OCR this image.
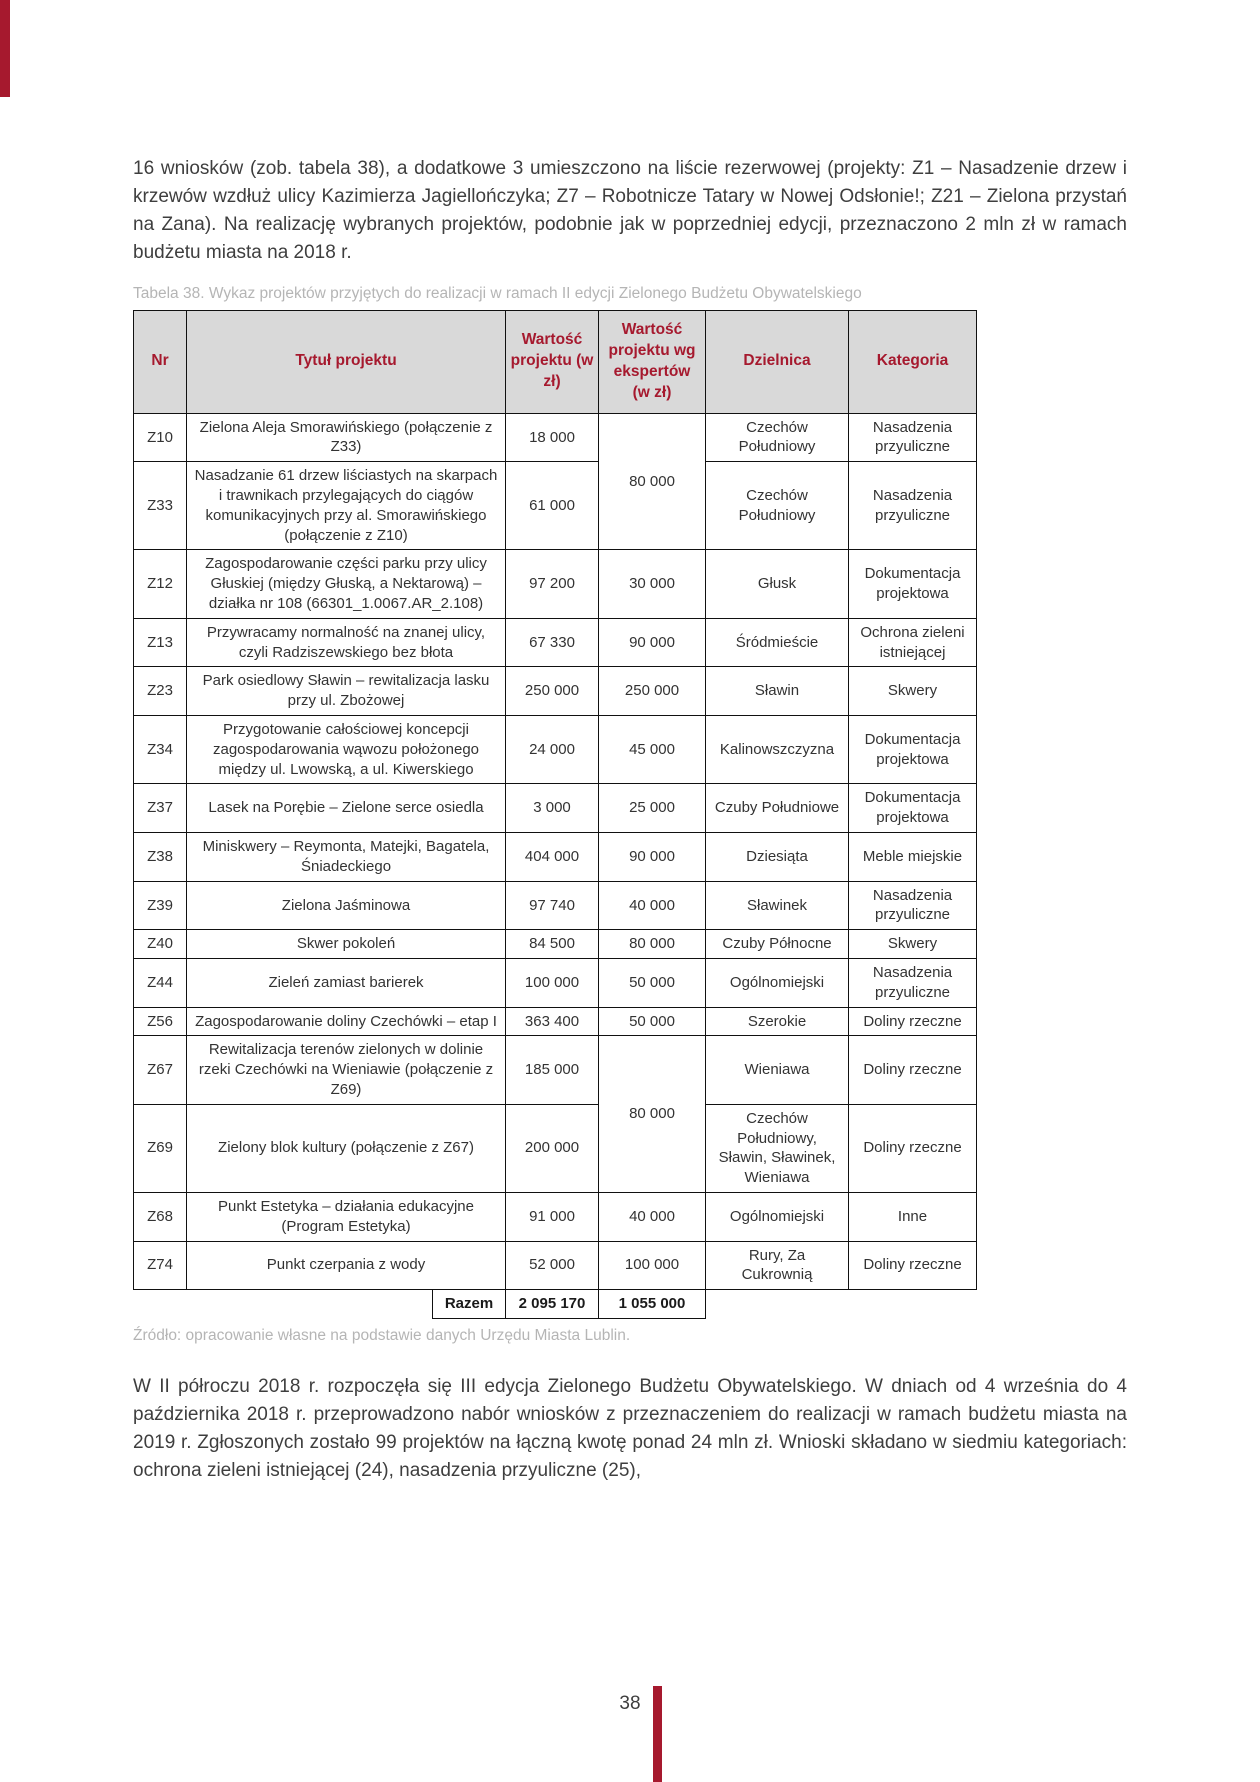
16 wniosków (zob. tabela 38), a dodatkowe 3 umieszczono na liście rezerwowej (projekty: Z1 – Nasadzenie drzew i krzewów wzdłuż ulicy Kazimierza Jagiellończyka; Z7 – Robotnicze Tatary w Nowej Odsłonie!; Z21 – Zielona przystań na Zana). Na realizację wybranych projektów, podobnie jak w poprzedniej edycji, przeznaczono 2 mln zł w ramach budżetu miasta na 2018 r.

Tabela 38. Wykaz projektów przyjętych do realizacji w ramach II edycji Zielonego Budżetu Obywatelskiego
Nr	Tytuł projektu		Wartość projektu (w zł)	Wartość projektu wg ekspertów (w zł)	Dzielnica	Kategoria
Z10	Zielona Aleja Smorawińskiego (połączenie z Z33)		18 000	80 000	Czechów Południowy	Nasadzenia przyuliczne
Z33	Nasadzanie 61 drzew liściastych na skarpach i trawnikach przylegających do ciągów komunikacyjnych przy al. Smorawińskiego (połączenie z Z10)		61 000		Czechów Południowy	Nasadzenia przyuliczne
Z12	Zagospodarowanie części parku przy ulicy Głuskiej (między Głuską, a Nektarową) – działka nr 108 (66301_1.0067.AR_2.108)		97 200	30 000	Głusk	Dokumentacja projektowa
Z13	Przywracamy normalność na znanej ulicy, czyli Radziszewskiego bez błota		67 330	90 000	Śródmieście	Ochrona zieleni istniejącej
Z23	Park osiedlowy Sławin – rewitalizacja lasku przy ul. Zbożowej		250 000	250 000	Sławin	Skwery
Z34	Przygotowanie całościowej koncepcji zagospodarowania wąwozu położonego między ul. Lwowską, a ul. Kiwerskiego		24 000	45 000	Kalinowszczyzna	Dokumentacja projektowa
Z37	Lasek na Porębie – Zielone serce osiedla		3 000	25 000	Czuby Południowe	Dokumentacja projektowa
Z38	Miniskwery – Reymonta, Matejki, Bagatela, Śniadeckiego		404 000	90 000	Dziesiąta	Meble miejskie
Z39	Zielona Jaśminowa		97 740	40 000	Sławinek	Nasadzenia przyuliczne
Z40	Skwer pokoleń		84 500	80 000	Czuby Północne	Skwery
Z44	Zieleń zamiast barierek		100 000	50 000	Ogólnomiejski	Nasadzenia przyuliczne
Z56	Zagospodarowanie doliny Czechówki – etap I		363 400	50 000	Szerokie	Doliny rzeczne
Z67	Rewitalizacja terenów zielonych w dolinie rzeki Czechówki na Wieniawie (połączenie z Z69)		185 000	80 000	Wieniawa	Doliny rzeczne
Z69	Zielony blok kultury (połączenie z Z67)		200 000		Czechów Południowy, Sławin, Sławinek, Wieniawa	Doliny rzeczne
Z68	Punkt Estetyka – działania edukacyjne (Program Estetyka)		91 000	40 000	Ogólnomiejski	Inne
Z74	Punkt czerpania z wody		52 000	100 000	Rury, Za Cukrownią	Doliny rzeczne
		Razem	2 095 170	1 055 000		
Źródło: opracowanie własne na podstawie danych Urzędu Miasta Lublin.

W II półroczu 2018 r. rozpoczęła się III edycja Zielonego Budżetu Obywatelskiego. W dniach od 4 września do 4 października 2018 r. przeprowadzono nabór wniosków z przeznaczeniem do realizacji w ramach budżetu miasta na 2019 r. Zgłoszonych zostało 99 projektów na łączną kwotę ponad 24 mln zł. Wnioski składano w siedmiu kategoriach: ochrona zieleni istniejącej (24), nasadzenia przyuliczne (25),

38
